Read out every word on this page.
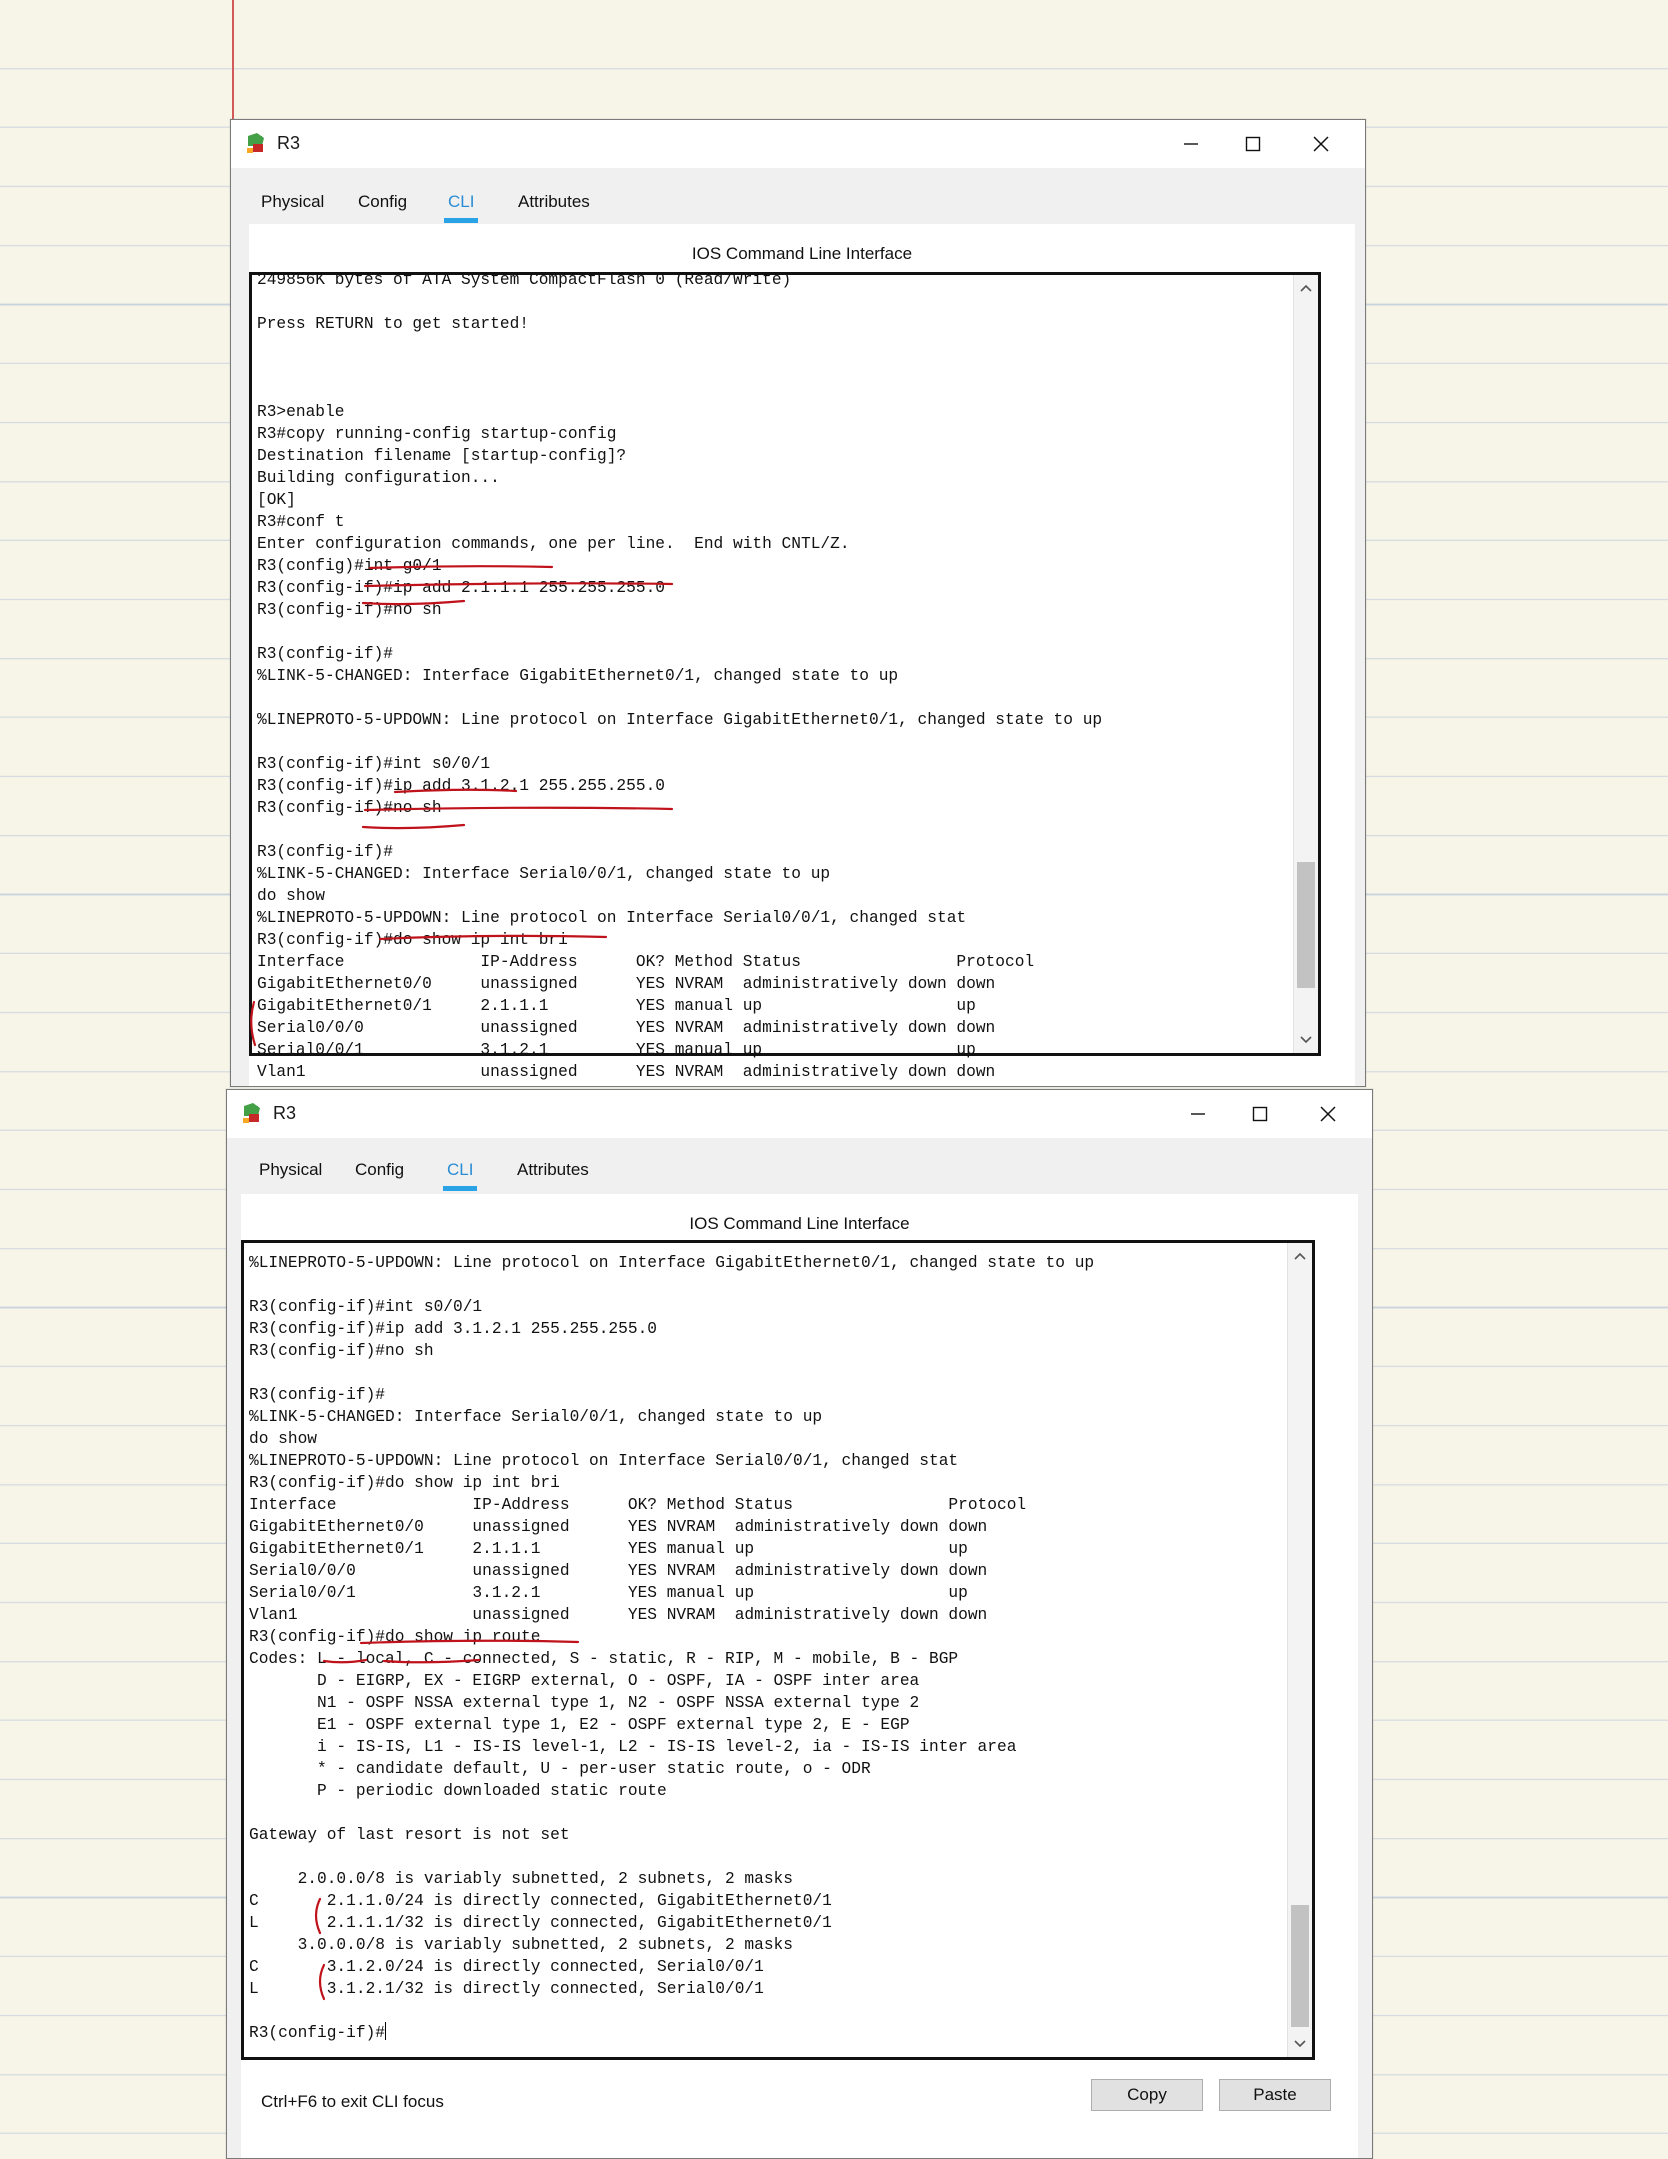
R3
Physical Config CLI	Attributes
IOS Command Line Interface
249856K bytes of ATA System CompactFlash 0 (Read/Write)

Press RETURN to get started!

R3>enable
R3#copy running-config startup-config
Destination filename [startup-config]?
Building configuration...
[OK]
R3#conf t
Enter configuration commands, one per line.  End with CNTL/Z.
R3(config)#int g0/1
R3(config-if)#ip add 2.1.1.1 255.255.255.0
R3(config-if)#no sh

R3(config-if)#
%LINK-5-CHANGED: Interface GigabitEthernet0/1, changed state to up

%LINEPROTO-5-UPDOWN: Line protocol on Interface GigabitEthernet0/1, changed state to up

R3(config-if)#int s0/0/1
R3(config-if)#ip add 3.1.2.1 255.255.255.0
R3(config-if)#no sh

R3(config-if)#
%LINK-5-CHANGED: Interface Serial0/0/1, changed state to up
do show
%LINEPROTO-5-UPDOWN: Line protocol on Interface Serial0/0/1, changed stat
R3(config-if)#do show ip int bri
Interface              IP-Address      OK? Method Status                Protocol
GigabitEthernet0/0     unassigned      YES NVRAM  administratively down down
GigabitEthernet0/1     2.1.1.1         YES manual up                    up
Serial0/0/0            unassigned      YES NVRAM  administratively down down
Serial0/0/1            3.1.2.1         YES manual up                    up
Vlan1                  unassigned      YES NVRAM  administratively down down
R3
Physical Config	CLI	Attributes
IOS Command Line Interface
%LINEPROTO-5-UPDOWN: Line protocol on Interface GigabitEthernet0/1, changed state to up

R3(config-if)#int s0/0/1
R3(config-if)#ip add 3.1.2.1 255.255.255.0
R3(config-if)#no sh

R3(config-if)#
%LINK-5-CHANGED: Interface Serial0/0/1, changed state to up
do show
%LINEPROTO-5-UPDOWN: Line protocol on Interface Serial0/0/1, changed stat
R3(config-if)#do show ip int bri
Interface              IP-Address      OK? Method Status                Protocol
GigabitEthernet0/0     unassigned      YES NVRAM  administratively down down
GigabitEthernet0/1     2.1.1.1         YES manual up                    up
Serial0/0/0            unassigned      YES NVRAM  administratively down down
Serial0/0/1            3.1.2.1         YES manual up                    up
Vlan1                  unassigned      YES NVRAM  administratively down down
R3(config-if)#do show ip route
Codes: L - local, C - connected, S - static, R - RIP, M - mobile, B - BGP
D - EIGRP, EX - EIGRP external, O - OSPF, IA - OSPF inter area
N1 - OSPF NSSA external type 1, N2 - OSPF NSSA external type 2
E1 - OSPF external type 1, E2 - OSPF external type 2, E - EGP
i - IS-IS, L1 - IS-IS level-1, L2 - IS-IS level-2, ia - IS-IS inter area
* - candidate default, U - per-user static route, o - ODR
P - periodic downloaded static route

Gateway of last resort is not set

2.0.0.0/8 is variably subnetted, 2 subnets, 2 masks
C       2.1.1.0/24 is directly connected, GigabitEthernet0/1
L       2.1.1.1/32 is directly connected, GigabitEthernet0/1
3.0.0.0/8 is variably subnetted, 2 subnets, 2 masks
C       3.1.2.0/24 is directly connected, Serial0/0/1
L       3.1.2.1/32 is directly connected, Serial0/0/1

R3(config-if)#
Ctrl+F6 to exit CLI focus	Copy	Paste
